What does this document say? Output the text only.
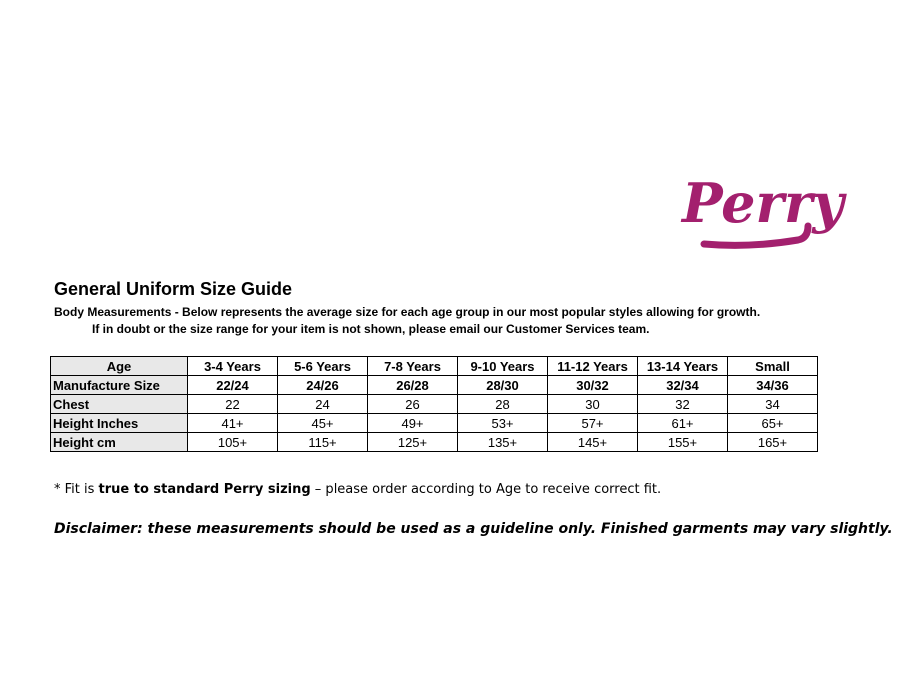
Perry
General Uniform Size Guide
Body Measurements - Below represents the average size for each age group in our most popular styles allowing for growth.
If in doubt or the size range for your item is not shown, please email our Customer Services team.
Age	3-4 Years	5-6 Years	7-8 Years	9-10 Years	11-12 Years	13-14 Years	Small
Manufacture Size	22/24	24/26	26/28	28/30	30/32	32/34	34/36
Chest	22	24	26	28	30	32	34
Height Inches	41+	45+	49+	53+	57+	61+	65+
Height cm	105+	115+	125+	135+	145+	155+	165+
* Fit is true to standard Perry sizing – please order according to Age to receive correct fit.
Disclaimer: these measurements should be used as a guideline only. Finished garments may vary slightly.
